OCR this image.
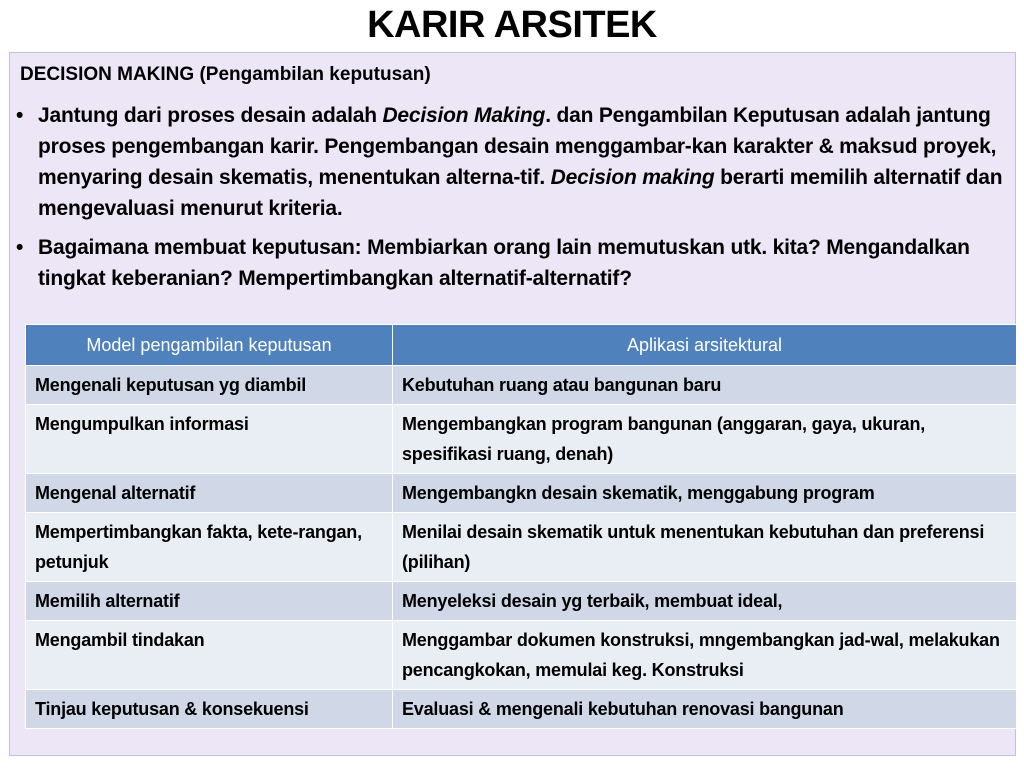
KARIR ARSITEK
DECISION MAKING (Pengambilan keputusan)
• Jantung dari proses desain adalah Decision Making. dan Pengambilan Keputusan adalah jantung proses pengembangan karir. Pengembangan desain menggambar-kan karakter & maksud proyek, menyaring desain skematis, menentukan alterna-tif. Decision making berarti memilih alternatif dan mengevaluasi menurut kriteria.
• Bagaimana membuat keputusan: Membiarkan orang lain memutuskan utk. kita? Mengandalkan tingkat keberanian? Mempertimbangkan alternatif-alternatif?
Model pengambilan keputusan	Aplikasi arsitektural
Mengenali keputusan yg diambil	Kebutuhan ruang atau bangunan baru
Mengumpulkan informasi	Mengembangkan program bangunan (anggaran, gaya, ukuran, spesifikasi ruang, denah)
Mengenal alternatif	Mengembangkn desain skematik, menggabung program
Mempertimbangkan fakta, kete-rangan, petunjuk	Menilai desain skematik untuk menentukan kebutuhan dan preferensi (pilihan)
Memilih alternatif	Menyeleksi desain yg terbaik, membuat ideal,
Mengambil tindakan	Menggambar dokumen konstruksi, mngembangkan jad-wal, melakukan pencangkokan, memulai keg. Konstruksi
Tinjau keputusan & konsekuensi	Evaluasi & mengenali kebutuhan renovasi bangunan
